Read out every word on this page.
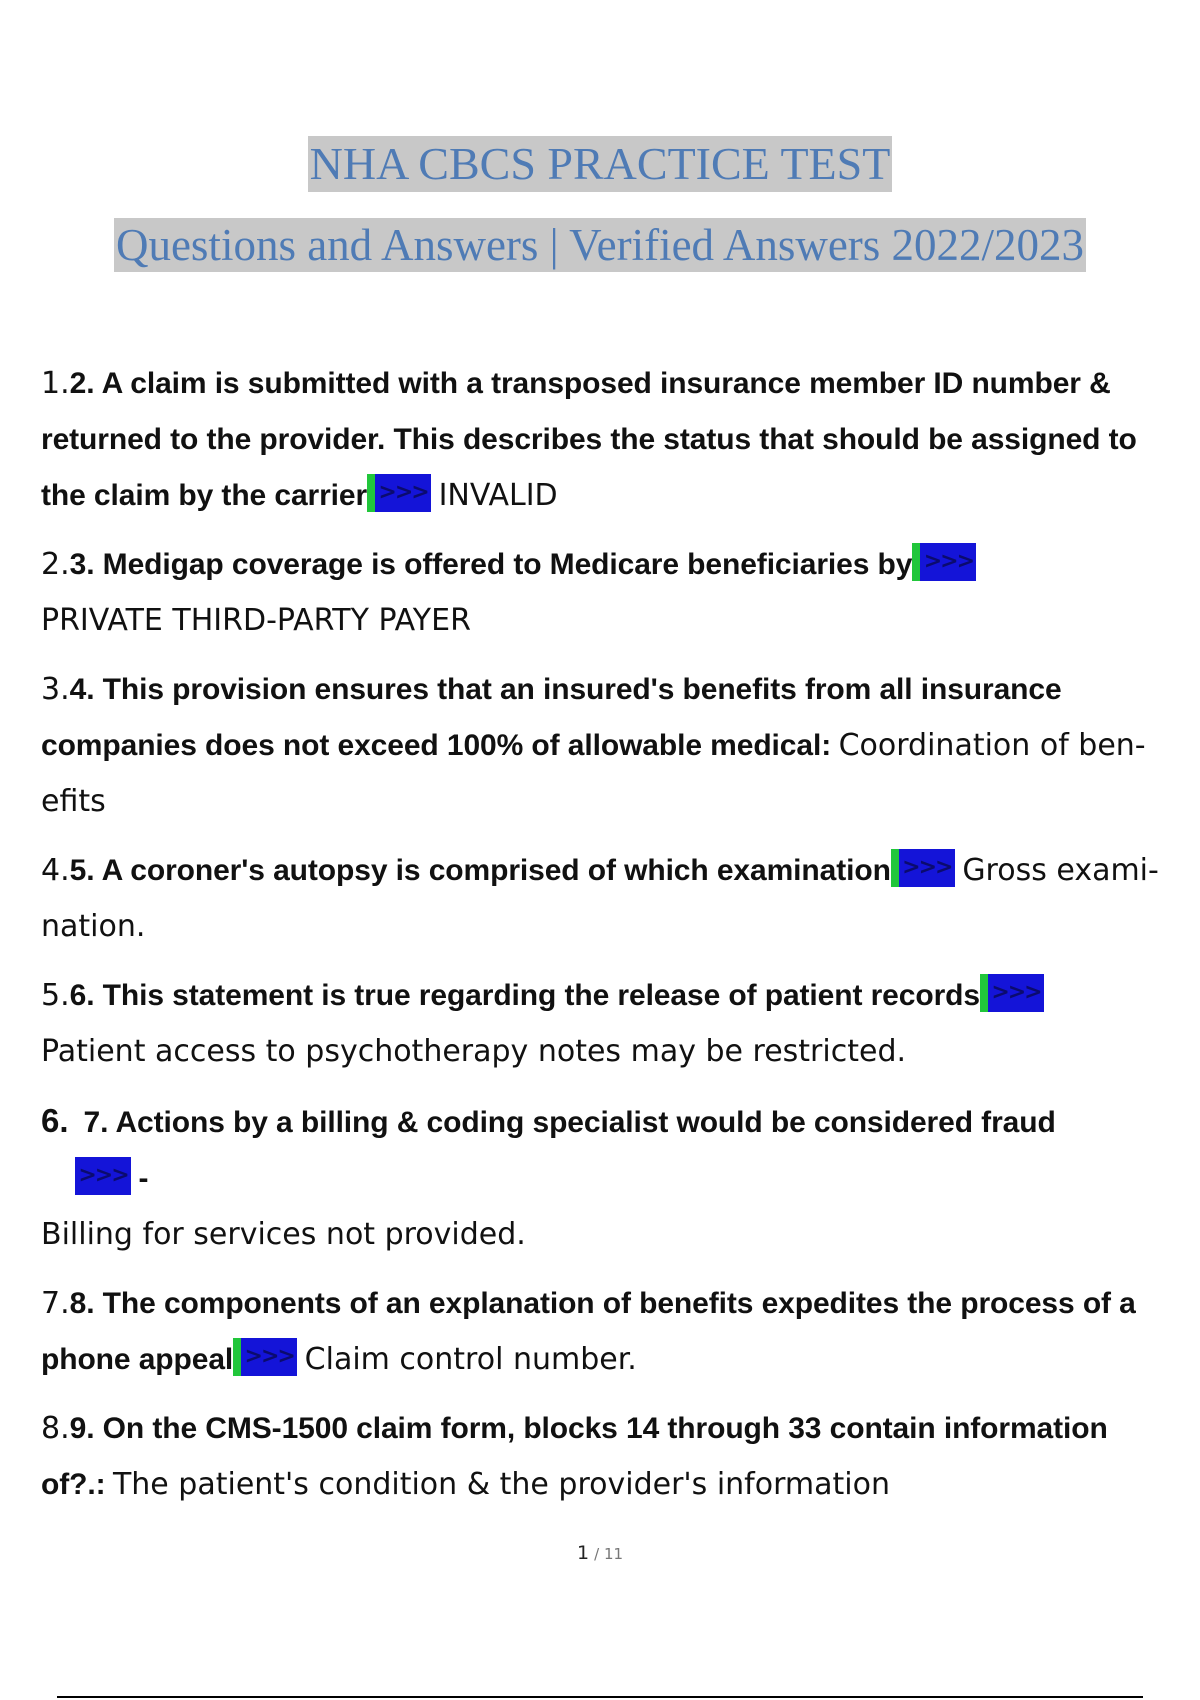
NHA CBCS PRACTICE TEST
Questions and Answers | Verified Answers 2022/2023
1.2. A claim is submitted with a transposed insurance member ID number & returned to the provider. This describes the status that should be assigned to the claim by the carrier >>> INVALID
2.3. Medigap coverage is offered to Medicare beneficiaries by >>>
PRIVATE THIRD-PARTY PAYER
3.4. This provision ensures that an insured's benefits from all insurance companies does not exceed 100% of allowable medical: Coordination of ben- efits
4.5. A coroner's autopsy is comprised of which examination >>> Gross exami- nation.
5.6. This statement is true regarding the release of patient records >>>
Patient access to psychotherapy notes may be restricted.
6. 7. Actions by a billing & coding specialist would be considered fraud
>>> -
Billing for services not provided.
7.8. The components of an explanation of benefits expedites the process of a phone appeal >>> Claim control number.
8.9. On the CMS-1500 claim form, blocks 14 through 33 contain information of?.: The patient's condition & the provider's information
1 / 11
